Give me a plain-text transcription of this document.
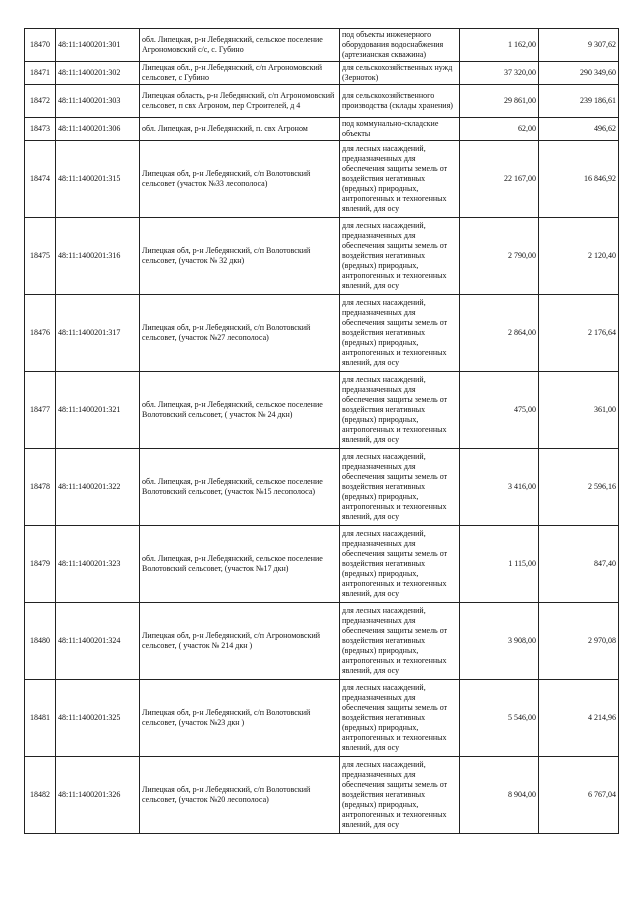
18470	48:11:1400201:301	обл. Липецкая, р-н Лебедянский, сельское поселение Агрономовский с/с, с. Губино	под объекты инженерного оборудования водоснабжения (артезианская скважина)	1 162,00	9 307,62
18471	48:11:1400201:302	Липецкая обл., р-н Лебедянский, с/п Агрономовский сельсовет, с Губино	для сельскохозяйственных нужд (Зерноток)	37 320,00	290 349,60
18472	48:11:1400201:303	Липецкая область, р-н Лебедянский, с/п Агрономовский сельсовет, п свх Агроном, пер Строителей, д 4	для сельскохозяйственного производства (склады хранения)	29 861,00	239 186,61
18473	48:11:1400201:306	обл. Липецкая, р-н Лебедянский, п. свх Агроном	под коммунально-складские объекты	62,00	496,62
18474	48:11:1400201:315	Липецкая обл, р-н Лебедянский, с/п Волотовский сельсовет (участок №33 лесополоса)	для лесных насаждений, предназначенных для обеспечения защиты земель от воздействия негативных (вредных) природных, антропогенных и техногенных явлений, для осу	22 167,00	16 846,92
18475	48:11:1400201:316	Липецкая обл, р-н Лебедянский, с/п Волотовский сельсовет, (участок № 32 дкн)	для лесных насаждений, предназначенных для обеспечения защиты земель от воздействия негативных (вредных) природных, антропогенных и техногенных явлений, для осу	2 790,00	2 120,40
18476	48:11:1400201:317	Липецкая обл, р-н Лебедянский, с/п Волотовский сельсовет, (участок №27 лесополоса)	для лесных насаждений, предназначенных для обеспечения защиты земель от воздействия негативных (вредных) природных, антропогенных и техногенных явлений, для осу	2 864,00	2 176,64
18477	48:11:1400201:321	обл. Липецкая, р-н Лебедянский, сельское поселение Волотовский сельсовет, ( участок № 24 дкн)	для лесных насаждений, предназначенных для обеспечения защиты земель от воздействия негативных (вредных) природных, антропогенных и техногенных явлений, для осу	475,00	361,00
18478	48:11:1400201:322	обл. Липецкая, р-н Лебедянский, сельское поселение Волотовский сельсовет, (участок №15 лесополоса)	для лесных насаждений, предназначенных для обеспечения защиты земель от воздействия негативных (вредных) природных, антропогенных и техногенных явлений, для осу	3 416,00	2 596,16
18479	48:11:1400201:323	обл. Липецкая, р-н Лебедянский, сельское поселение Волотовский сельсовет, (участок №17 дкн)	для лесных насаждений, предназначенных для обеспечения защиты земель от воздействия негативных (вредных) природных, антропогенных и техногенных явлений, для осу	1 115,00	847,40
18480	48:11:1400201:324	Липецкая обл, р-н Лебедянский, с/п Агрономовский сельсовет, ( участок № 214 дкн )	для лесных насаждений, предназначенных для обеспечения защиты земель от воздействия негативных (вредных) природных, антропогенных и техногенных явлений, для осу	3 908,00	2 970,08
18481	48:11:1400201:325	Липецкая обл, р-н Лебедянский, с/п Волотовский сельсовет, (участок №23 дкн )	для лесных насаждений, предназначенных для обеспечения защиты земель от воздействия негативных (вредных) природных, антропогенных и техногенных явлений, для осу	5 546,00	4 214,96
18482	48:11:1400201:326	Липецкая обл, р-н Лебедянский, с/п Волотовский сельсовет, (участок №20 лесополоса)	для лесных насаждений, предназначенных для обеспечения защиты земель от воздействия негативных (вредных) природных, антропогенных и техногенных явлений, для осу	8 904,00	6 767,04
